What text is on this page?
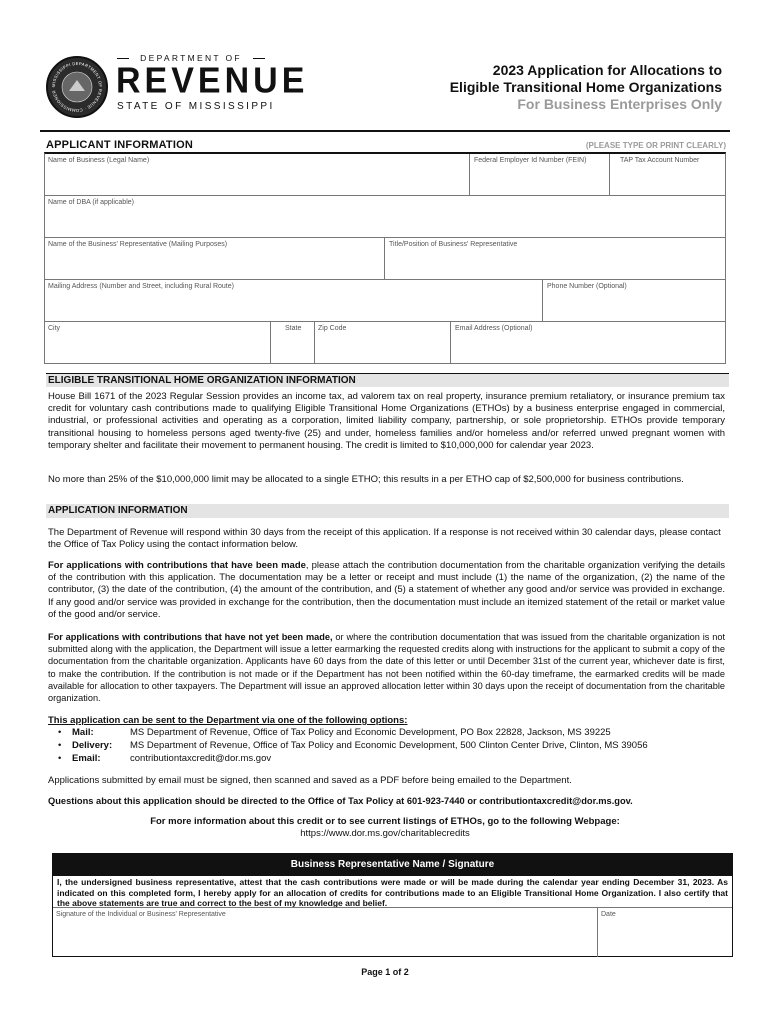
MISSISSIPPI DEPARTMENT OF REVENUE · COMMISSIONER ·
DEPARTMENT OF
REVENUE
STATE OF MISSISSIPPI
2023 Application for Allocations to
Eligible Transitional Home Organizations
For Business Enterprises Only
APPLICANT INFORMATION	(PLEASE TYPE OR PRINT CLEARLY)
Name of Business (Legal Name)	Federal Employer Id Number (FEIN)	TAP Tax Account Number
Name of DBA (if applicable)
Name of the Business' Representative (Mailing Purposes)	Title/Position of Business' Representative
Mailing Address (Number and Street, including Rural Route)	Phone Number (Optional)
City	State Zip Code	Email Address (Optional)
ELIGIBLE TRANSITIONAL HOME ORGANIZATION INFORMATION
House Bill 1671 of the 2023 Regular Session provides an income tax, ad valorem tax on real property, insurance premium retaliatory, or insurance premium tax credit for voluntary cash contributions made to qualifying Eligible Transitional Home Organizations (ETHOs) by a business enterprise engaged in commercial, industrial, or professional activities and operating as a corporation, limited liability company, partnership, or sole proprietorship. ETHOs provide temporary transitional housing to homeless persons aged twenty-five (25) and under, homeless families and/or homeless and/or referred unwed pregnant women with temporary shelter and facilitate their movement to permanent housing. The credit is limited to $10,000,000 for calendar year 2023.
No more than 25% of the $10,000,000 limit may be allocated to a single ETHO; this results in a per ETHO cap of $2,500,000 for business contributions.
APPLICATION INFORMATION
The Department of Revenue will respond within 30 days from the receipt of this application. If a response is not received within 30 calendar days, please contact the Office of Tax Policy using the contact information below.
For applications with contributions that have been made, please attach the contribution documentation from the charitable organization verifying the details of the contribution with this application. The documentation may be a letter or receipt and must include (1) the name of the organization, (2) the name of the contributor, (3) the date of the contribution, (4) the amount of the contribution, and (5) a statement of whether any good and/or service was provided in exchange. If any good and/or service was provided in exchange for the contribution, then the documentation must include an itemized statement of the retail or market value of the good and/or service.
For applications with contributions that have not yet been made, or where the contribution documentation that was issued from the charitable organization is not submitted along with the application, the Department will issue a letter earmarking the requested credits along with instructions for the applicant to submit a copy of the documentation from the charitable organization. Applicants have 60 days from the date of this letter or until December 31st of the current year, whichever date is first, to make the contribution. If the contribution is not made or if the Department has not been notified within the 60-day timeframe, the earmarked credits will be made available for allocation to other taxpayers. The Department will issue an approved allocation letter within 30 days upon the receipt of documentation from the charitable organization.
This application can be sent to the Department via one of the following options:
• Mail:	MS Department of Revenue, Office of Tax Policy and Economic Development, PO Box 22828, Jackson, MS 39225
• Delivery: MS Department of Revenue, Office of Tax Policy and Economic Development, 500 Clinton Center Drive, Clinton, MS 39056
• Email:	contributiontaxcredit@dor.ms.gov
Applications submitted by email must be signed, then scanned and saved as a PDF before being emailed to the Department.
Questions about this application should be directed to the Office of Tax Policy at 601-923-7440 or contributiontaxcredit@dor.ms.gov.
For more information about this credit or to see current listings of ETHOs, go to the following Webpage:
https://www.dor.ms.gov/charitablecredits
Business Representative Name / Signature
I, the undersigned business representative, attest that the cash contributions were made or will be made during the calendar year ending December 31, 2023. As indicated on this completed form, I hereby apply for an allocation of credits for contributions made to an Eligible Transitional Home Organization. I also certify that the above statements are true and correct to the best of my knowledge and belief.
Signature of the Individual or Business' Representative	Date
Page 1 of 2
